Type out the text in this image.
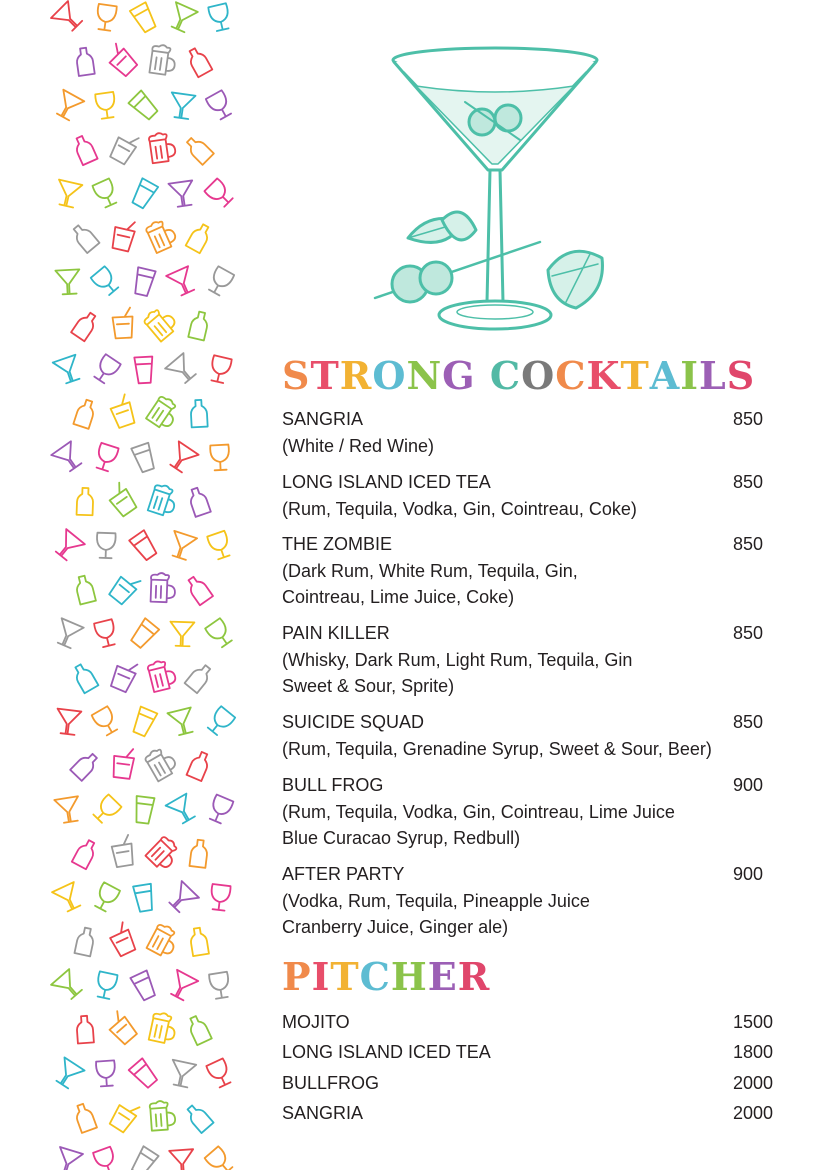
STRONG COCKTAILS
SANGRIA
(White / Red Wine)
850
LONG ISLAND ICED TEA
(Rum, Tequila, Vodka, Gin, Cointreau, Coke)
850
THE ZOMBIE
(Dark Rum, White Rum, Tequila, Gin,
Cointreau, Lime Juice, Coke)
850
PAIN KILLER
(Whisky, Dark Rum, Light Rum, Tequila, Gin
Sweet & Sour, Sprite)
850
SUICIDE SQUAD
(Rum, Tequila, Grenadine Syrup, Sweet & Sour, Beer)
850
BULL FROG
(Rum, Tequila, Vodka, Gin, Cointreau, Lime Juice
Blue Curacao Syrup, Redbull)
900
AFTER PARTY
(Vodka, Rum, Tequila, Pineapple Juice
Cranberry Juice, Ginger ale)
900
PITCHER
MOJITO	1500
LONG ISLAND ICED TEA	1800
BULLFROG	2000
SANGRIA	2000
